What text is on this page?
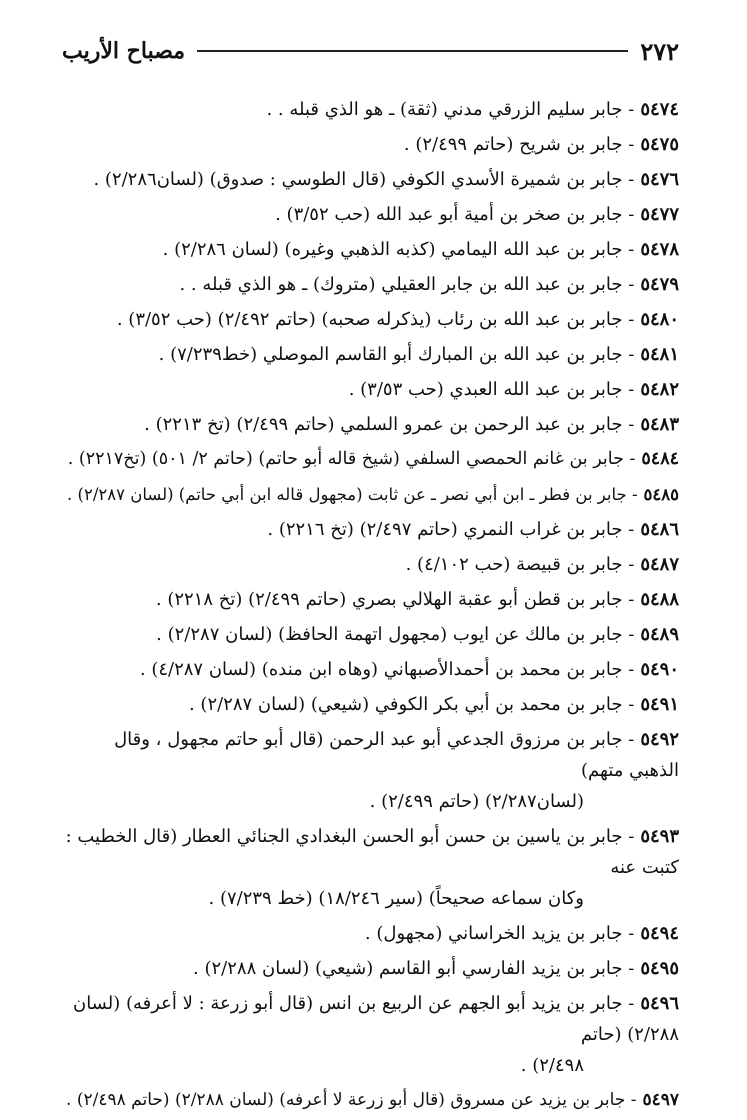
٢٧٢
مصباح الأريب
٥٤٧٤- جابر سليم الزرقي مدني (ثقة) ـ هو الذي قبله . .
٥٤٧٥- جابر بن شريح (حاتم ٢/٤٩٩) .
٥٤٧٦- جابر بن شميرة الأسدي الكوفي (قال الطوسي : صدوق) (لسان٢/٢٨٦) .
٥٤٧٧- جابر بن صخر بن أمية أبو عبد الله (حب ٣/٥٢) .
٥٤٧٨- جابر بن عبد الله اليمامي (كذبه الذهبي وغيره) (لسان ٢/٢٨٦) .
٥٤٧٩- جابر بن عبد الله بن جابر العقيلي (متروك) ـ هو الذي قبله . .
٥٤٨٠- جابر بن عبد الله بن رئاب (يذكرله صحبه) (حاتم ٢/٤٩٢) (حب ٣/٥٢) .
٥٤٨١- جابر بن عبد الله بن المبارك أبو القاسم الموصلي (خط٧/٢٣٩) .
٥٤٨٢- جابر بن عبد الله العبدي (حب ٣/٥٣) .
٥٤٨٣- جابر بن عبد الرحمن بن عمرو السلمي (حاتم ٢/٤٩٩) (تخ ٢٢١٣) .
٥٤٨٤- جابر بن غانم الحمصي السلفي (شيخ قاله أبو حاتم) (حاتم ٢/ ٥٠١) (تخ٢٢١٧) .
٥٤٨٥- جابر بن فطر ـ ابن أبي نصر ـ عن ثابت (مجهول قاله ابن أبي حاتم) (لسان ٢/٢٨٧) .
٥٤٨٦- جابر بن غراب النمري (حاتم ٢/٤٩٧) (تخ ٢٢١٦) .
٥٤٨٧- جابر بن قبيصة (حب ٤/١٠٢) .
٥٤٨٨- جابر بن قطن أبو عقبة الهلالي بصري (حاتم ٢/٤٩٩) (تخ ٢٢١٨) .
٥٤٨٩- جابر بن مالك عن ايوب (مجهول اتهمة الحافظ) (لسان ٢/٢٨٧) .
٥٤٩٠- جابر بن محمد بن أحمدالأصبهاني (وهاه ابن منده) (لسان ٤/٢٨٧) .
٥٤٩١- جابر بن محمد بن أبي بكر الكوفي (شيعي) (لسان ٢/٢٨٧) .
٥٤٩٢- جابر بن مرزوق الجدعي أبو عبد الرحمن (قال أبو حاتم مجهول ، وقال الذهبي متهم)
(لسان٢/٢٨٧) (حاتم ٢/٤٩٩) .
٥٤٩٣- جابر بن ياسين بن حسن أبو الحسن البغدادي الجنائي العطار (قال الخطيب : كتبت عنه
وكان سماعه صحيحاً) (سير ١٨/٢٤٦) (خط ٧/٢٣٩) .
٥٤٩٤- جابر بن يزيد الخراساني (مجهول) .
٥٤٩٥- جابر بن يزيد الفارسي أبو القاسم (شيعي) (لسان ٢/٢٨٨) .
٥٤٩٦- جابر بن يزيد أبو الجهم عن الربيع بن انس (قال أبو زرعة : لا أعرفه) (لسان ٢/٢٨٨) (حاتم
٢/٤٩٨) .
٥٤٩٧- جابر بن يزيد عن مسروق (قال أبو زرعة لا أعرفه) (لسان ٢/٢٨٨) (حاتم ٢/٤٩٨) .
